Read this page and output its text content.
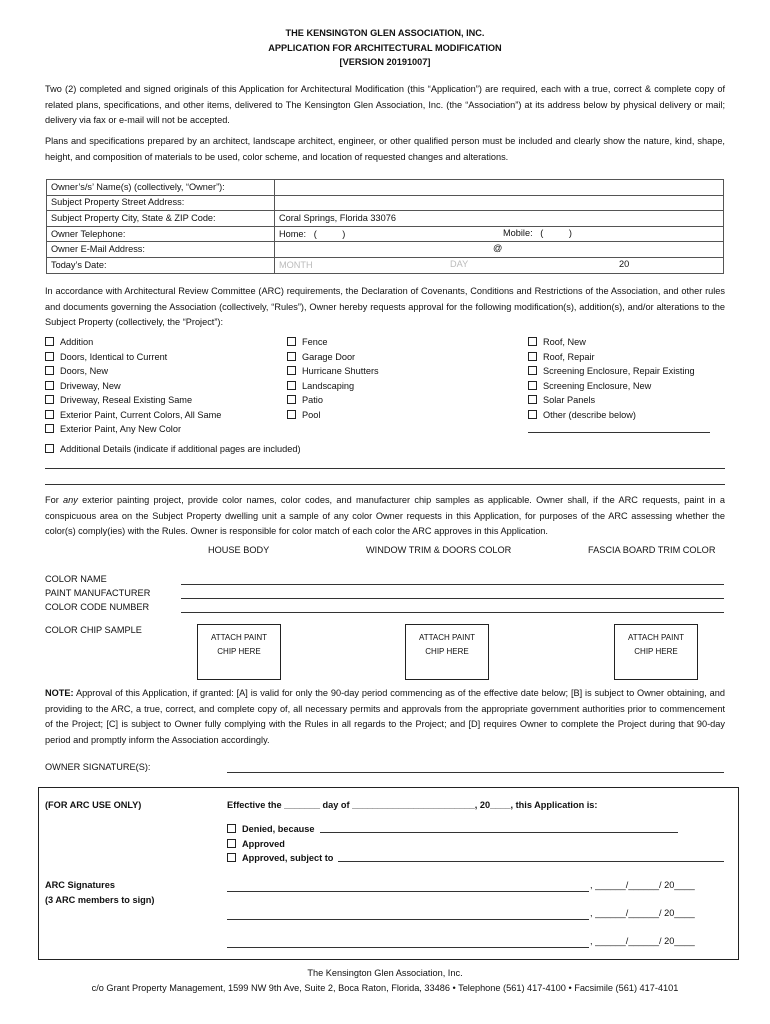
THE KENSINGTON GLEN ASSOCIATION, INC.
APPLICATION FOR ARCHITECTURAL MODIFICATION
[VERSION 20191007]
Two (2) completed and signed originals of this Application for Architectural Modification (this “Application”) are required, each with a true, correct & complete copy of related plans, specifications, and other items, delivered to The Kensington Glen Association, Inc. (the “Association”) at its address below by physical delivery or mail; delivery via fax or e-mail will not be accepted.
Plans and specifications prepared by an architect, landscape architect, engineer, or other qualified person must be included and clearly show the nature, kind, shape, height, and composition of materials to be used, color scheme, and location of requested changes and alterations.
Owner’s/s’ Name(s) (collectively, “Owner”):	
Subject Property Street Address:	
Subject Property City, State & ZIP Code:	Coral Springs, Florida 33076
Owner Telephone:	Home:   (          ) Mobile:   (          )

Owner E-Mail Address:	@

Today’s Date:	MONTH DAY 20
In accordance with Architectural Review Committee (ARC) requirements, the Declaration of Covenants, Conditions and Restrictions of the Association, and other rules and documents governing the Association (collectively, “Rules”), Owner hereby requests approval for the following modification(s), addition(s), and/or alterations to the Subject Property (collectively, the “Project”):
Addition
Doors, Identical to Current
Doors, New
Driveway, New
Driveway, Reseal Existing Same
Exterior Paint, Current Colors, All Same
Exterior Paint, Any New Color
Fence
Garage Door
Hurricane Shutters
Landscaping
Patio
Pool
Roof, New
Roof, Repair
Screening Enclosure, Repair Existing
Screening Enclosure, New
Solar Panels
Other (describe below)
Additional Details (indicate if additional pages are included)
For any exterior painting project, provide color names, color codes, and manufacturer chip samples as applicable. Owner shall, if the ARC requests, paint in a conspicuous area on the Subject Property dwelling unit a sample of any color Owner requests in this Application, for purposes of the ARC assessing whether the color(s) comply(ies) with the Rules. Owner is responsible for color match of each color the ARC approves in this Application.
HOUSE BODY	WINDOW TRIM & DOORS COLOR	FASCIA BOARD TRIM COLOR
COLOR NAME
PAINT MANUFACTURER
COLOR CODE NUMBER
COLOR CHIP SAMPLE
ATTACH PAINT
CHIP HERE
ATTACH PAINT
CHIP HERE
ATTACH PAINT
CHIP HERE
NOTE: Approval of this Application, if granted: [A] is valid for only the 90-day period commencing as of the effective date below; [B] is subject to Owner obtaining, and providing to the ARC, a true, correct, and complete copy of, all necessary permits and approvals from the appropriate government authorities prior to commencement of the Project; [C] is subject to Owner fully complying with the Rules in all regards to the Project; and [D] requires Owner to complete the Project during that 90-day period and promptly inform the Association accordingly.
OWNER SIGNATURE(S):
(FOR ARC USE ONLY)	Effective the _______ day of ________________________, 20____, this Application is:
Denied, because
Approved
Approved, subject to
ARC Signatures
(3 ARC members to sign)
, ______/______/ 20____
, ______/______/ 20____
, ______/______/ 20____
The Kensington Glen Association, Inc.
c/o Grant Property Management, 1599 NW 9th Ave, Suite 2, Boca Raton, Florida, 33486 • Telephone (561) 417-4100 • Facsimile (561) 417-4101
